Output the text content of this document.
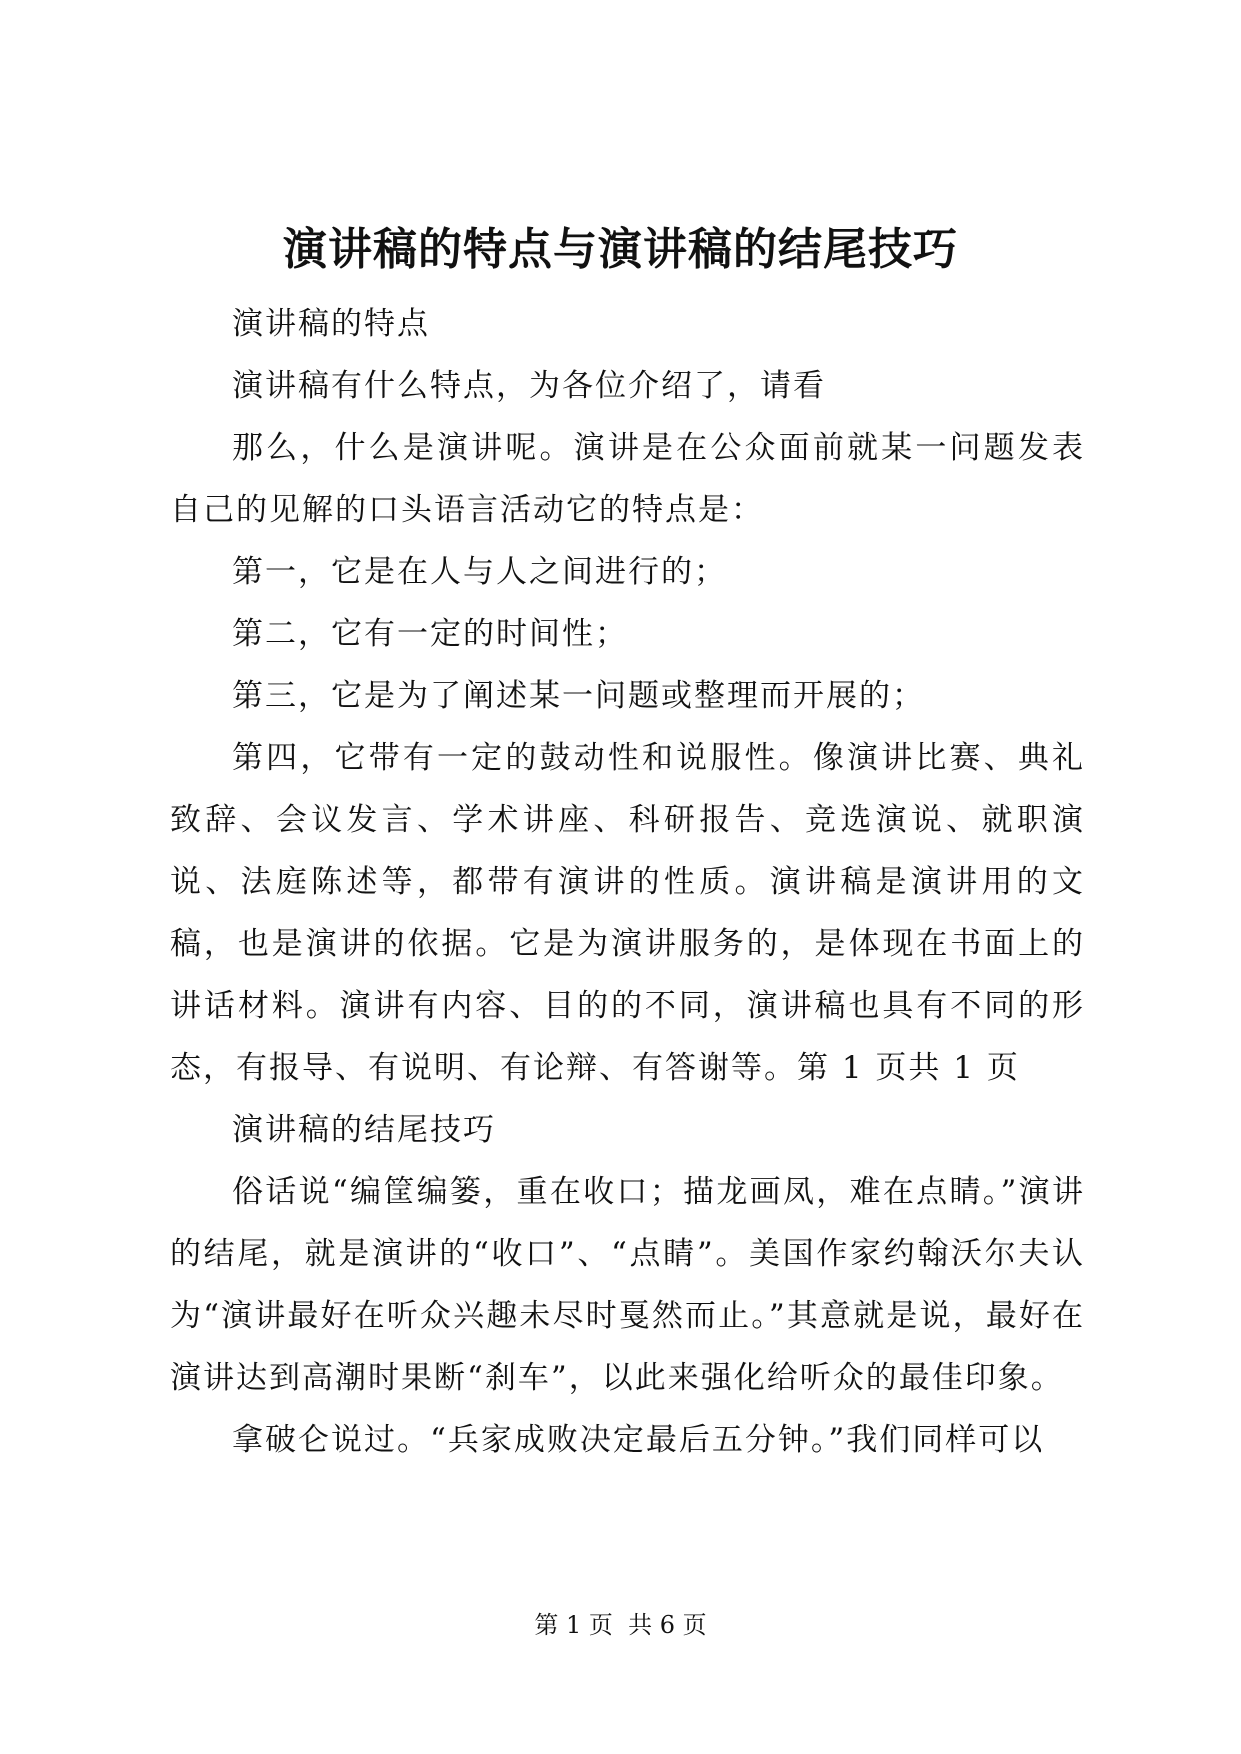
演讲稿的特点与演讲稿的结尾技巧

演讲稿的特点

演讲稿有什么特点，为各位介绍了，请看

那么，什么是演讲呢。演讲是在公众面前就某一问题发表自己的见解的口头语言活动它的特点是：

第一，它是在人与人之间进行的；

第二，它有一定的时间性；

第三，它是为了阐述某一问题或整理而开展的；

第四，它带有一定的鼓动性和说服性。像演讲比赛、典礼致辞、会议发言、学术讲座、科研报告、竞选演说、就职演说、法庭陈述等，都带有演讲的性质。演讲稿是演讲用的文稿，也是演讲的依据。它是为演讲服务的，是体现在书面上的讲话材料。演讲有内容、目的的不同，演讲稿也具有不同的形态，有报导、有说明、有论辩、有答谢等。第 1 页共 1 页

演讲稿的结尾技巧

俗话说“编筐编篓，重在收口；描龙画凤，难在点睛。”演讲的结尾，就是演讲的“收口”、“点睛”。美国作家约翰沃尔夫认为“演讲最好在听众兴趣未尽时戛然而止。”其意就是说，最好在演讲达到高潮时果断“刹车”，以此来强化给听众的最佳印象。

拿破仑说过。“兵家成败决定最后五分钟。”我们同样可以

第 1 页  共 6 页
